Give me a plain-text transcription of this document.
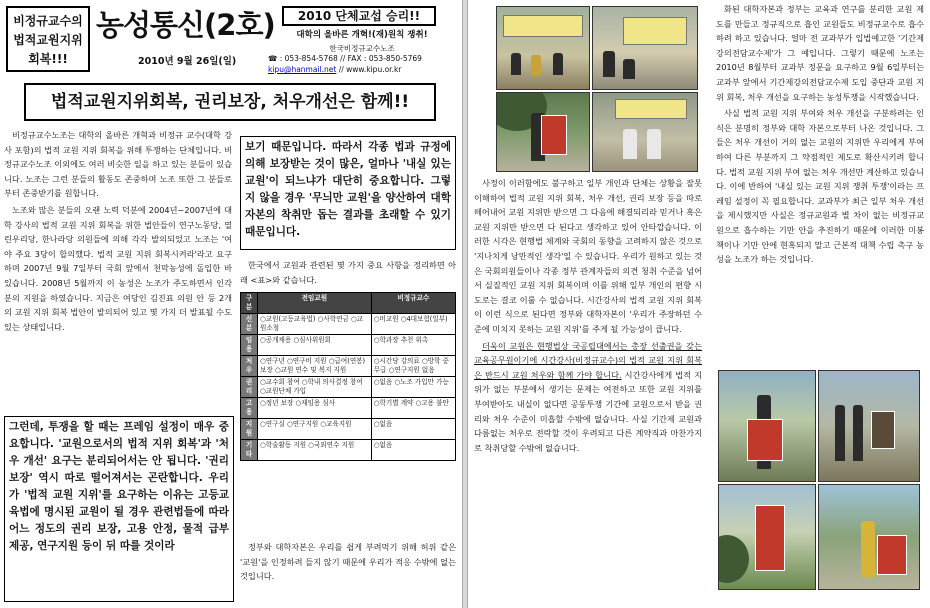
비정규교수의 법적교원지위 회복!!!
농성통신(2호)	2010 단체교섭 승리!!
대학의 올바른 개혁!(재)원칙 쟁취!
한국비정규교수노조
2010년 9월 26일(일)	☎ : 053-854-5768 // FAX : 053-850-5769
kipu@hanmail.net // www.kipu.or.kr
법적교원지위회복, 권리보장, 처우개선은 함께!!

비정규교수노조는 대학의 올바른 개혁과 비정규 교수(대학 강사 포함)의 법적 교원 지위 회복을 위해 투쟁하는 단체입니다. 비정규교수노조 이외에도 여러 비슷한 일을 하고 있는 분들이 있습니다. 노조는 그런 분들의 활동도 존중하며 노조 또한 그 분들로부터 존중받기를 원합니다.

노조와 많은 분들의 오랜 노력 덕분에 2004년~2007년에 대학 강사의 법적 교원 지위 회복을 위한 법안들이 연구노동당, 열린우리당, 한나라당 의원들에 의해 각각 발의되었고 노조는 '여야 주요 3당이 합의했다. 법적 교원 지위 회복시켜라'라고 요구하며 2007년 9월 7일부터 국회 앞에서 천막농성에 돌입한 바 있습니다. 2008년 5월까지 이 농성은 노조가 주도하면서 인각 분의 지원을 하였습니다. 지금은 여당인 김진표 의원 안 등 2개의 교원 지위 회복 법안이 발의되어 있고 몇 가지 더 발표될 수도 있는 상태입니다.

그런데, 투쟁을 할 때는 프레임 설정이 매우 중요합니다. '교원으로서의 법적 지위 회복'과 '처우 개선' 요구는 분리되어서는 안 됩니다. '권리 보장' 역시 따로 떨어져서는 곤란합니다. 우리가 '법적 교원 지위'를 요구하는 이유는 고등교육법에 명시된 교원이 될 경우 관련법들에 따라 어느 정도의 권리 보장, 고용 안정, 물적 급부 제공, 연구지원 등이 뒤 따를 것이라

보기 때문입니다. 따라서 각종 법과 규정에 의해 보장받는 것이 많은, 얼마나 '내실 있는 교원'이 되느냐가 대단히 중요합니다. 그렇지 않을 경우 '무늬만 교원'을 양산하여 대학자본의 착취만 돕는 결과를 초래할 수 있기 때문입니다.

한국에서 교원과 관련된 몇 가지 중요 사항을 정리하면 아래 <표>와 같습니다.

구분	전임교원	비정규교수
신분	○교원(고등교육법) ○사학연금 ○교원소청	○비교원 ○4대보험(일부)
임용	○공개채용 ○심사위원회	○학과장 추천 위촉
처우	○연구년 ○연구비 지원 ○급여(연봉) 보장 ○교원 연수 및 복지 지원	○시간당 강의료 ○방학 중 무급 ○연구지원 없음
권리	○교수회 참여 ○학내 의사결정 참여 ○교원단체 가입	○없음 ○노조 가입만 가능
고용	○정년 보장 ○재임용 심사	○학기별 계약 ○고용 불안
지원	○연구실 ○연구지원 ○교육지원	○없음
기타	○학술활동 지원 ○국외연수 지원	○없음

정부와 대학자본은 우리를 쉽게 부려먹기 위해 허위 같은 '교원'을 인정하려 들지 않기 때문에 우리가 적응 수밖에 없는 것입니다.

사정이 이러함에도 불구하고 일부 개인과 단체는 상황을 잘못 이해하여 법적 교원 지위 회복, 처우 개선, 권리 보장 등을 따로 떼어내어 교원 지위만 받으면 그 다음에 해결되리라 믿거나 혹은 교원 지위만 받으면 다 된다고 생각하고 있어 안타깝습니다. 이러한 시각은 현행법 체계와 국회의 동향을 고려하지 않은 것으로 '지나치게 낭만적인 생각'일 수 있습니다. 우리가 원하고 있는 것은 국회의원들이나 각종 정부 관계자들의 의견 청취 수준을 넘어서 실질적인 교원 지위 회복이며 이를 위해 일부 개인의 편향 시도로는 결코 이룰 수 없습니다. 시간강사의 법적 교원 지위 회복이 이런 식으로 된다면 정부와 대학자본이 '우리가 주장하던 수준에 미치지 못하는 교원 지위'를 주게 될 가능성이 큽니다.

더욱이 교원은 현행법상 국공립대에서는 총장 선출권을 갖는 교육공무원이기에 시간강사(비정규교수)의 법적 교원 지위 회복은 반드시 교원 처우와 함께 가야 합니다. 시간강사에게 법적 지위가 없는 부분에서 생기는 문제는 여전하고 또한 교원 지위를 부여받아도 내실이 없다면 공동투쟁 기간에 교원으로서 받을 권리와 처우 수준이 미흡할 수밖에 없습니다. 사실 기간제 교원과 다름없는 처우로 전락할 것이 우려되고 다른 계약직과 마찬가지로 착취당할 수밖에 없습니다.

화된 대학자본과 정부는 교육과 연구를 분리한 교원 제도를 만들고 정규직으로 흡인 교원들도 비정규교수로 흡수하려 하고 있습니다. 얼마 전 교과부가 입법예고한 '기간제강의전담교수제'가 그 예입니다. 그렇기 때문에 노조는 2010년 8월부터 교과부 정문을 요구하고 9월 6일부터는 교과부 앞에서 기간제강의전담교수제 도입 중단과 교원 지위 회복, 처우 개선을 요구하는 농성투쟁을 시작했습니다.

사실 법적 교원 지위 부여와 처우 개선을 구분하려는 인식은 분명히 정부와 대학 자본으로부터 나온 것입니다. 그들은 처우 개선이 거의 없는 교원의 지위만 우리에게 부여하여 다른 부분까지 그 약점적인 제도로 확산시키려 합니다. 법적 교원 지위 부여 없는 처우 개선만 계산하고 있습니다. 이에 반하여 '내실 있는 교원 지위 쟁취 투쟁'이라는 프레임 설정이 꼭 필요합니다. 교과부가 최근 일부 처우 개선을 제시했지만 사실은 정규교원과 별 차이 없는 비정규교원으로 흡수하는 기만 안을 추진하기 때문에 이러한 미봉책이나 기만 안에 현혹되지 말고 근본적 대책 수립 촉구 농성을 노조가 하는 것입니다.
